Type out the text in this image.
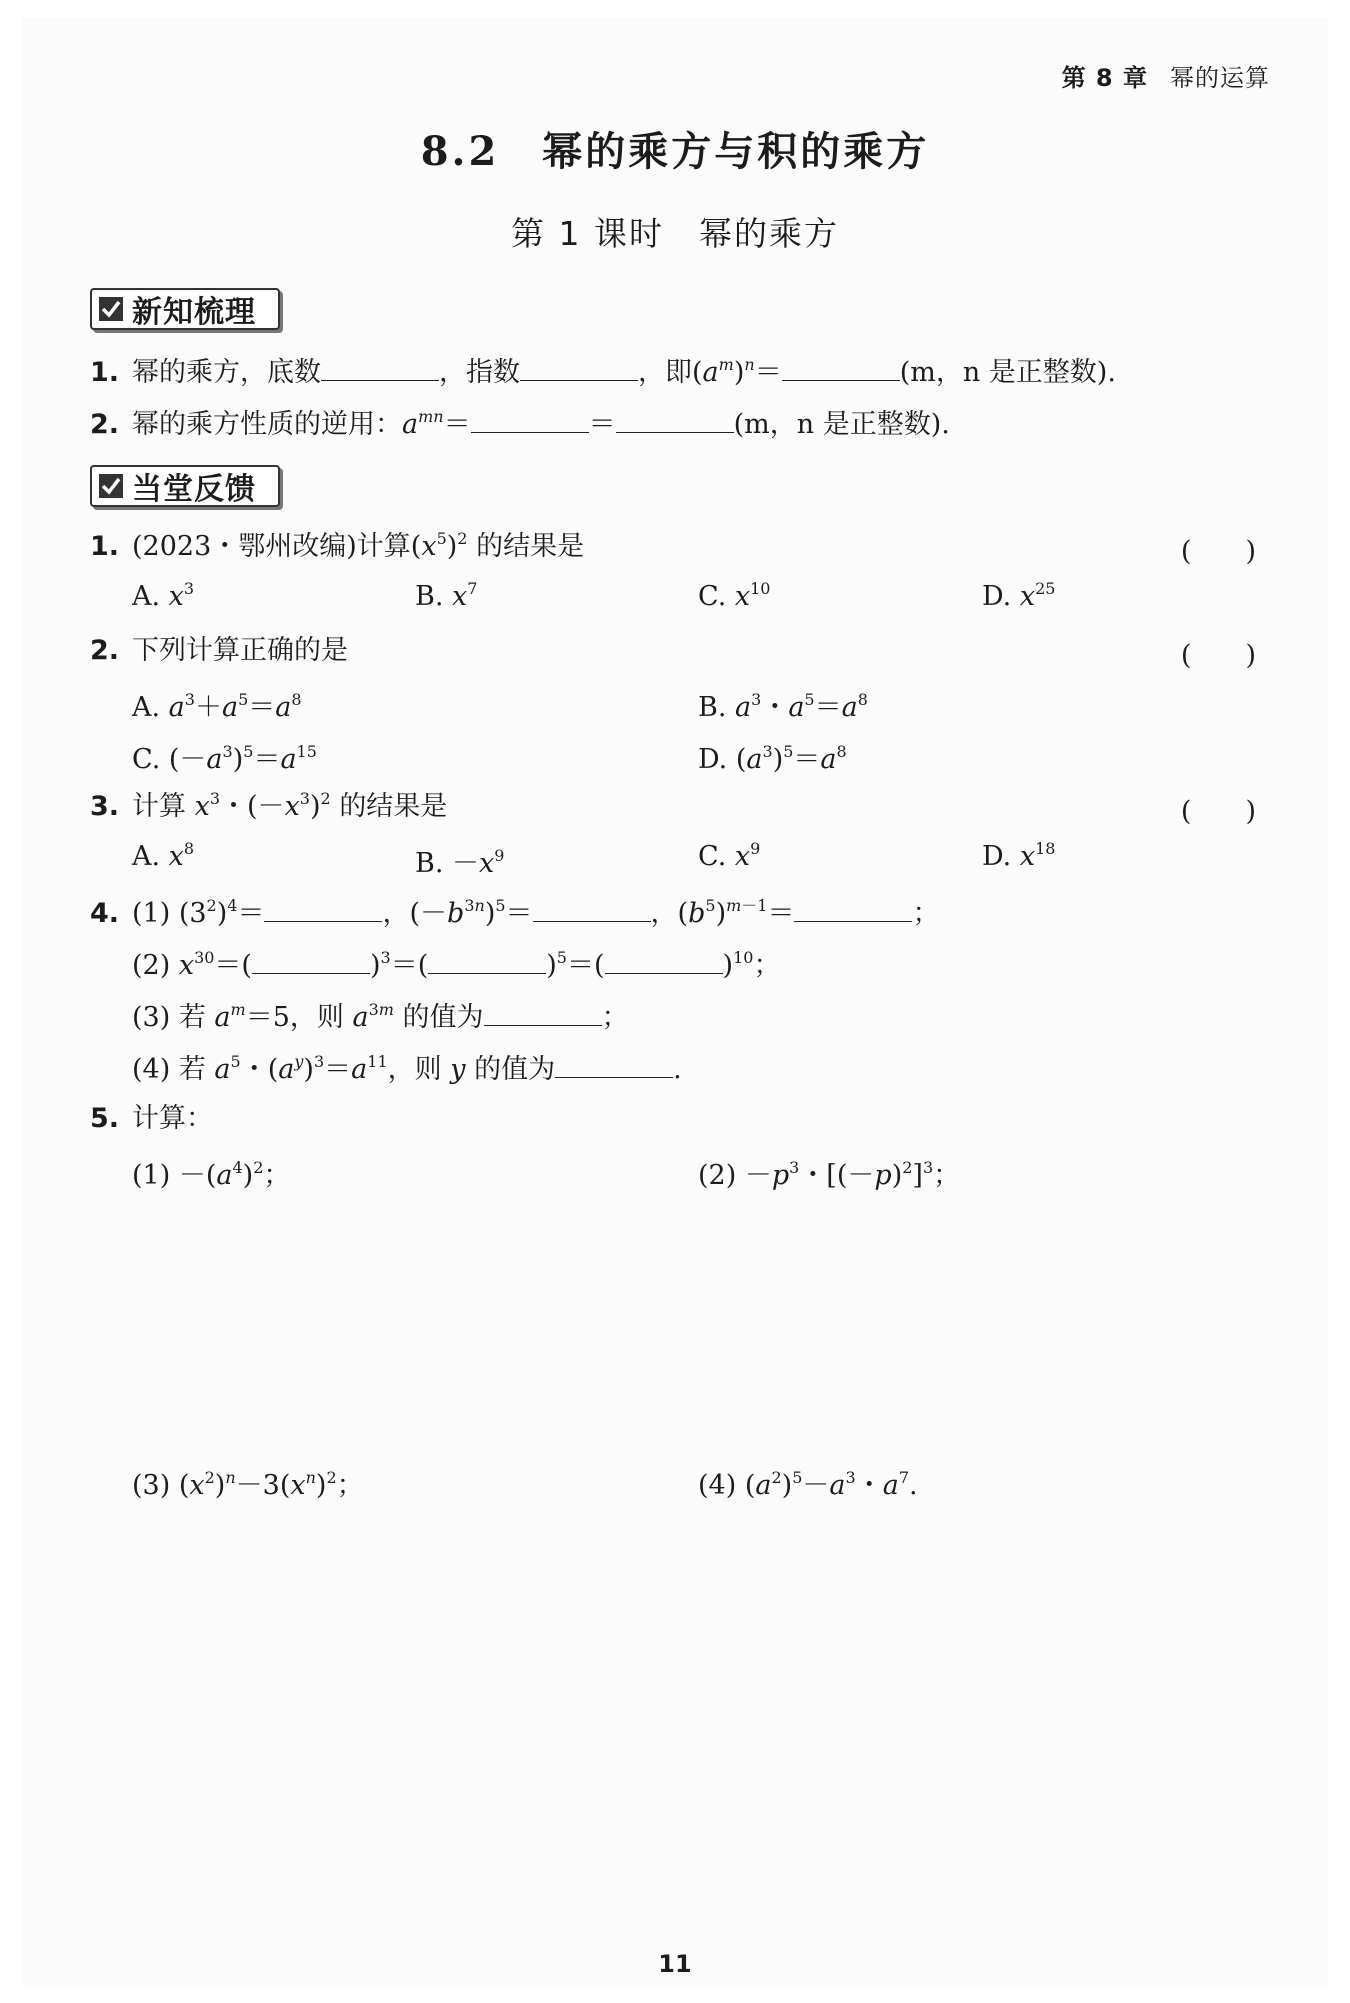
第 8 章 幂的运算
8.2　幂的乘方与积的乘方
第 1 课时　幂的乘方
新知梳理
1. 幂的乘方，底数	，指数	，即$(a^m)^n=$	(m，n 是正整数).
2. 幂的乘方性质的逆用：$a^{mn}=$	＝	(m，n 是正整数).
当堂反馈
1. (2023・鄂州改编)计算$(x^5)^2$ 的结果是	(　　)
A. $x^3$	B. $x^7$	C. $x^{10}$	D. $x^{25}$
2. 下列计算正确的是	(　　)
A. $a^3+a^5=a^8$	B. $a^3$・$a^5=a^8$
C. $(-a^3)^5=a^{15}$	D. $(a^3)^5=a^8$
3. 计算 $x^3$・$(-x^3)^2$ 的结果是	(　　)
A. $x^8$	B. $-x^9$	C. $x^9$	D. $x^{18}$
4. (1) $(3^2)^4=$	，$(-b^{3n})^5=$	，$(b^5)^{m-1}=$	；
(2) $x^{30}=$(	)$^3$＝(	)$^5$＝(	)$^{10}$；
(3) 若 $a^m=5$，则 $a^{3m}$ 的值为	；
(4) 若 $a^5$・$(a^y)^3=a^{11}$，则 y 的值为	.
5. 计算：
$(1) -(a^4)^2$；	$(2) -p^3$・$[(-p)^2]^3$；
(3) $(x^2)^n-3(x^n)^2$；	(4) $(a^2)^5-a^3$・$a^7$.
11
